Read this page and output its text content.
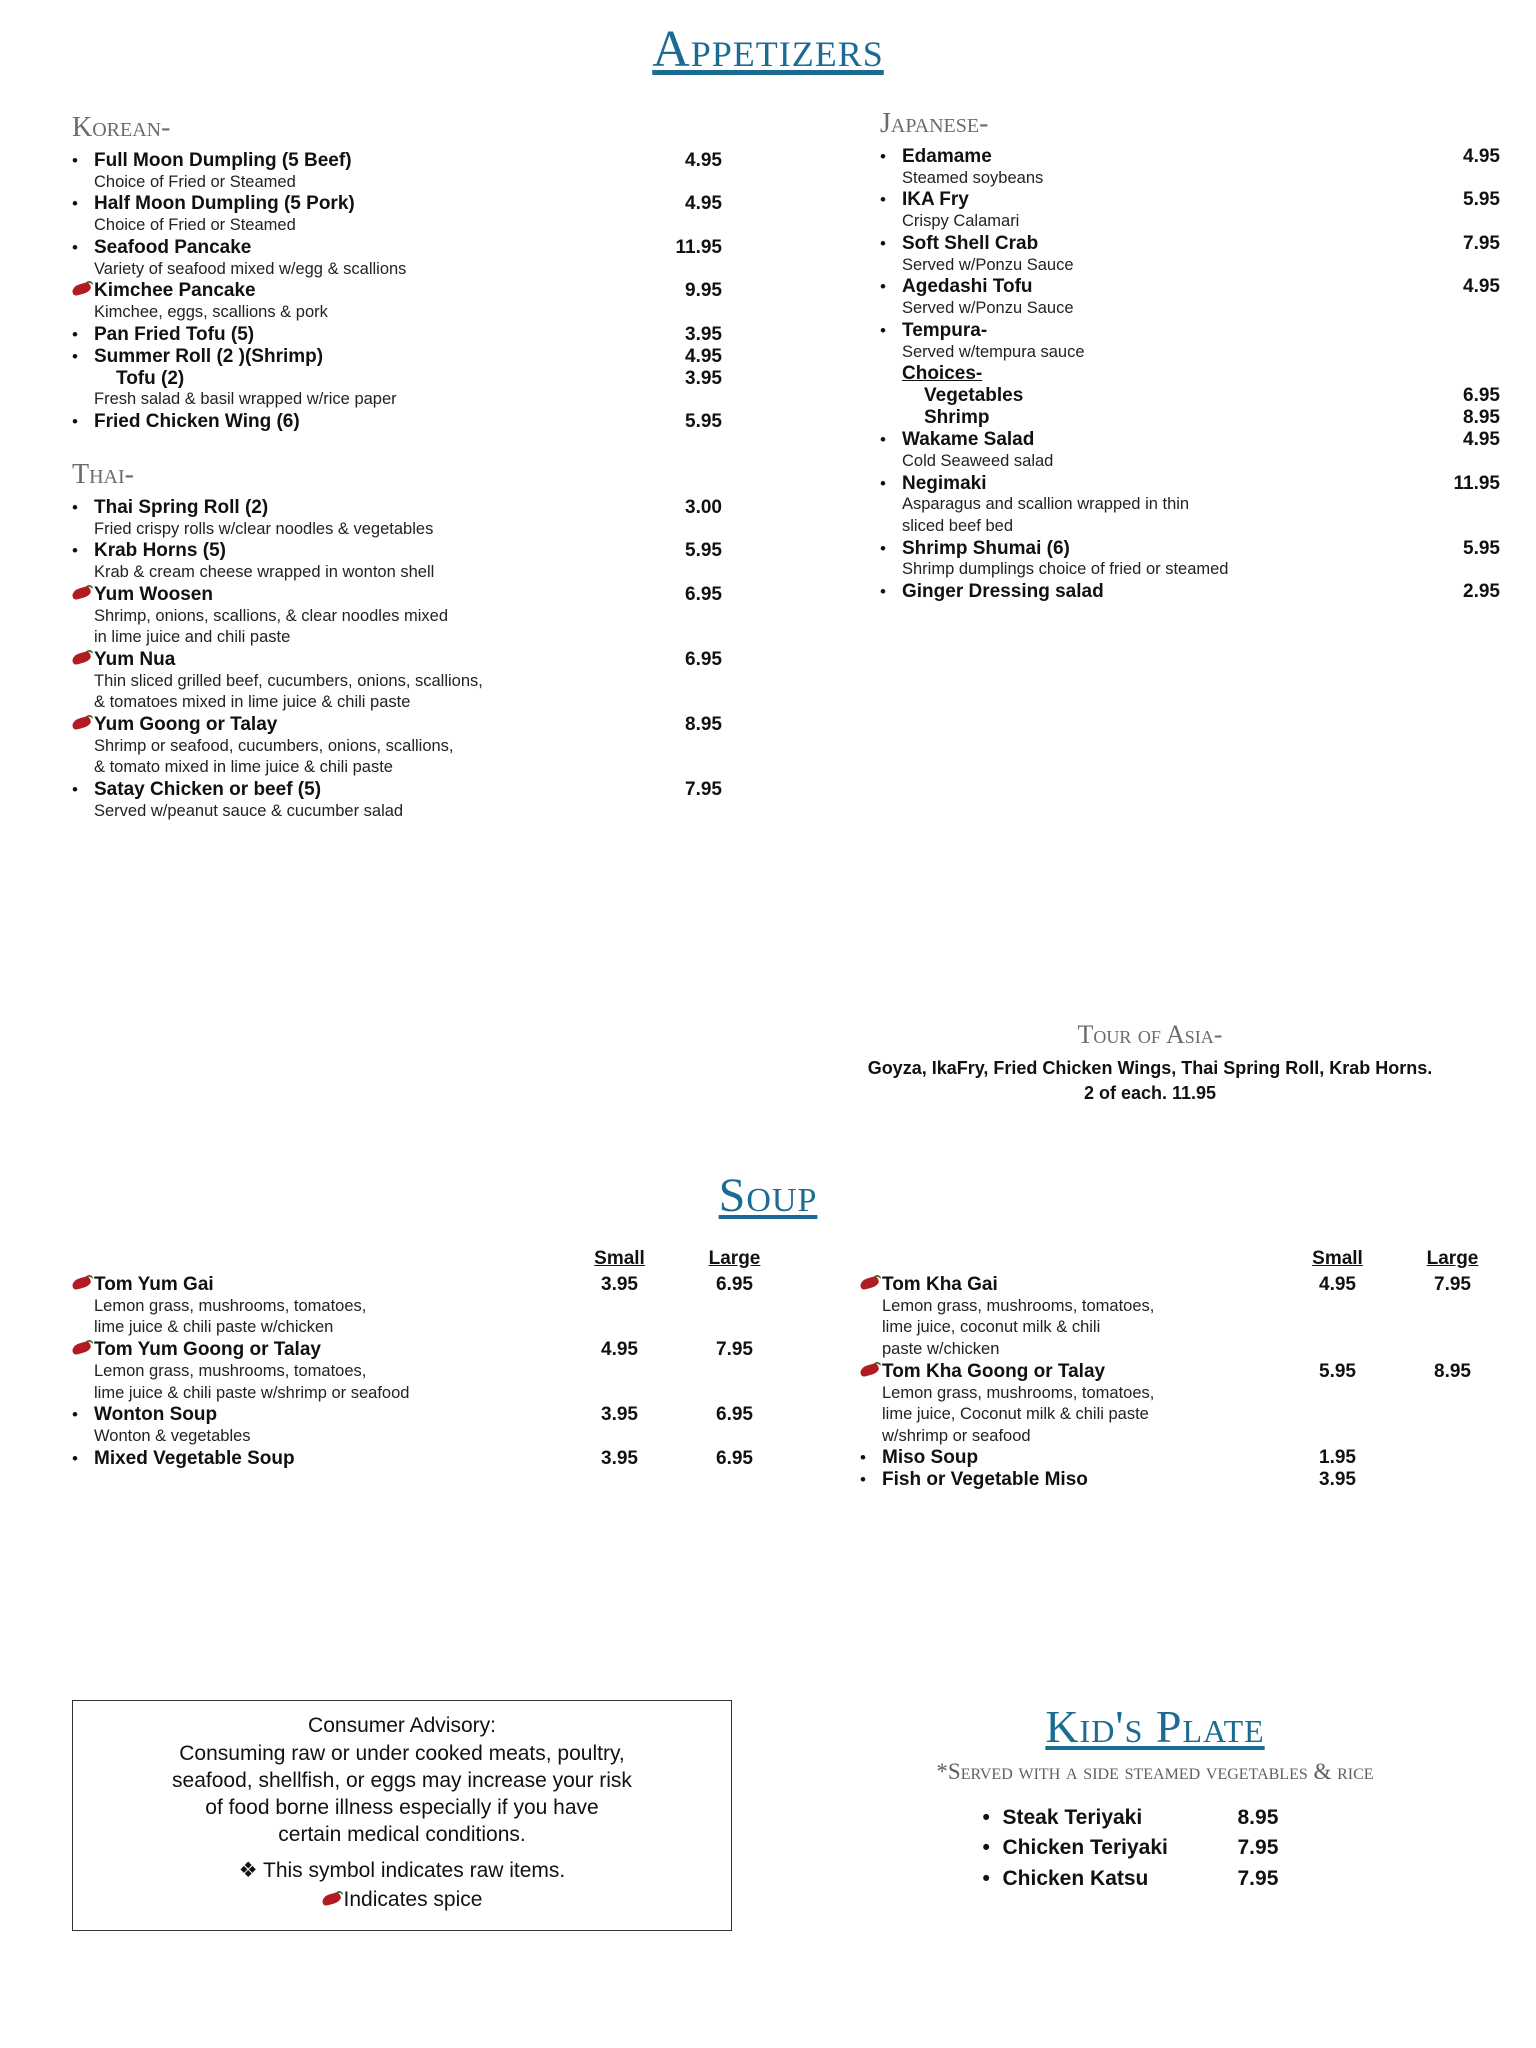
Appetizers
Korean-
• Full Moon Dumpling (5 Beef)	4.95
Choice of Fried or Steamed
• Half Moon Dumpling (5 Pork)	4.95
Choice of Fried or Steamed
• Seafood Pancake	11.95
Variety of seafood mixed w/egg & scallions
Kimchee Pancake	9.95
Kimchee, eggs, scallions & pork
• Pan Fried Tofu (5)	3.95
• Summer Roll (2 )(Shrimp)	4.95
Tofu (2)	3.95
Fresh salad & basil wrapped w/rice paper
• Fried Chicken Wing (6)	5.95
Thai-
• Thai Spring Roll (2)	3.00
Fried crispy rolls w/clear noodles & vegetables
• Krab Horns (5)	5.95
Krab & cream cheese wrapped in wonton shell
Yum Woosen	6.95
Shrimp, onions, scallions, & clear noodles mixed
in lime juice and chili paste
Yum Nua	6.95
Thin sliced grilled beef, cucumbers, onions, scallions,
& tomatoes mixed in lime juice & chili paste
Yum Goong or Talay	8.95
Shrimp or seafood, cucumbers, onions, scallions,
& tomato mixed in lime juice & chili paste
• Satay Chicken or beef (5)	7.95
Served w/peanut sauce & cucumber salad
Japanese-
• Edamame	4.95
Steamed soybeans
• IKA Fry	5.95
Crispy Calamari
• Soft Shell Crab	7.95
Served w/Ponzu Sauce
• Agedashi Tofu	4.95
Served w/Ponzu Sauce
• Tempura-
Served w/tempura sauce
Choices-
Vegetables	6.95
Shrimp	8.95
• Wakame Salad	4.95
Cold Seaweed salad
• Negimaki	11.95
Asparagus and scallion wrapped in thin
sliced beef bed
• Shrimp Shumai (6)	5.95
Shrimp dumplings choice of fried or steamed
• Ginger Dressing salad	2.95
Tour of Asia-
Goyza, IkaFry, Fried Chicken Wings, Thai Spring Roll, Krab Horns.
2 of each. 11.95
Soup
Small	Large
Tom Yum Gai	3.95	6.95
Lemon grass, mushrooms, tomatoes,
lime juice & chili paste w/chicken
Tom Yum Goong or Talay	4.95	7.95
Lemon grass, mushrooms, tomatoes,
lime juice & chili paste w/shrimp or seafood
• Wonton Soup	3.95	6.95
Wonton & vegetables
• Mixed Vegetable Soup	3.95	6.95
Small	Large
Tom Kha Gai	4.95	7.95
Lemon grass, mushrooms, tomatoes,
lime juice, coconut milk & chili
paste w/chicken
Tom Kha Goong or Talay	5.95	8.95
Lemon grass, mushrooms, tomatoes,
lime juice, Coconut milk & chili paste
w/shrimp or seafood
• Miso Soup	1.95
• Fish or Vegetable Miso	3.95
Consumer Advisory:
Consuming raw or under cooked meats, poultry,
seafood, shellfish, or eggs may increase your risk
of food borne illness especially if you have
certain medical conditions.
❖ This symbol indicates raw items.
Indicates spice
Kid's Plate
*Served with a side steamed vegetables & rice
• Steak Teriyaki	8.95
• Chicken Teriyaki	7.95
• Chicken Katsu	7.95
